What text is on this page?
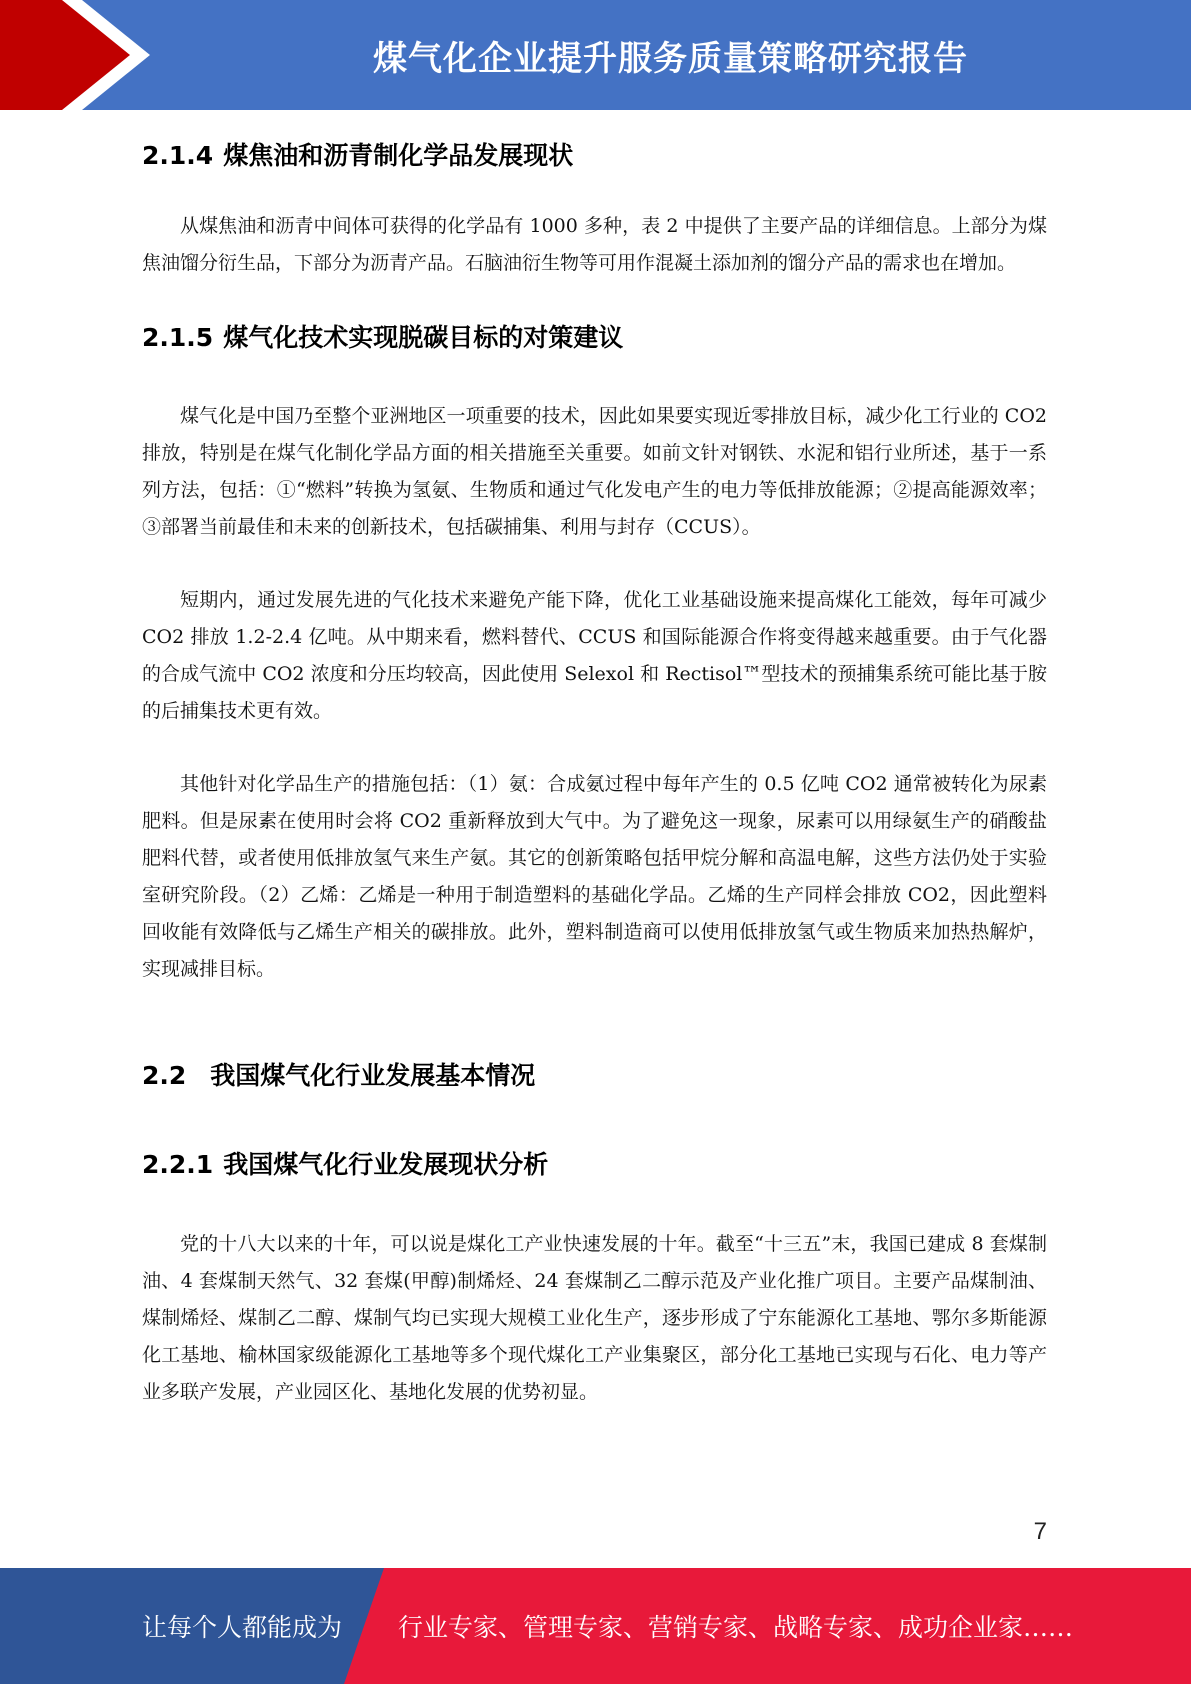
煤气化企业提升服务质量策略研究报告
2.1.4 煤焦油和沥青制化学品发展现状

从煤焦油和沥青中间体可获得的化学品有 1000 多种，表 2 中提供了主要产品的详细信息。上部分为煤焦油馏分衍生品，下部分为沥青产品。石脑油衍生物等可用作混凝土添加剂的馏分产品的需求也在增加。

2.1.5 煤气化技术实现脱碳目标的对策建议

煤气化是中国乃至整个亚洲地区一项重要的技术，因此如果要实现近零排放目标，减少化工行业的 CO2 排放，特别是在煤气化制化学品方面的相关措施至关重要。如前文针对钢铁、水泥和铝行业所述，基于一系列方法，包括：①“燃料”转换为氢氨、生物质和通过气化发电产生的电力等低排放能源；②提高能源效率；③部署当前最佳和未来的创新技术，包括碳捕集、利用与封存（CCUS）。

短期内，通过发展先进的气化技术来避免产能下降，优化工业基础设施来提高煤化工能效，每年可减少 CO2 排放 1.2-2.4 亿吨。从中期来看，燃料替代、CCUS 和国际能源合作将变得越来越重要。由于气化器的合成气流中 CO2 浓度和分压均较高，因此使用 Selexol 和 Rectisol™型技术的预捕集系统可能比基于胺的后捕集技术更有效。

其他针对化学品生产的措施包括：（1）氨：合成氨过程中每年产生的 0.5 亿吨 CO2 通常被转化为尿素肥料。但是尿素在使用时会将 CO2 重新释放到大气中。为了避免这一现象，尿素可以用绿氨生产的硝酸盐肥料代替，或者使用低排放氢气来生产氨。其它的创新策略包括甲烷分解和高温电解，这些方法仍处于实验室研究阶段。（2）乙烯：乙烯是一种用于制造塑料的基础化学品。乙烯的生产同样会排放 CO2，因此塑料回收能有效降低与乙烯生产相关的碳排放。此外，塑料制造商可以使用低排放氢气或生物质来加热热解炉，实现减排目标。

2.2 我国煤气化行业发展基本情况
2.2.1 我国煤气化行业发展现状分析

党的十八大以来的十年，可以说是煤化工产业快速发展的十年。截至“十三五”末，我国已建成 8 套煤制油、4 套煤制天然气、32 套煤(甲醇)制烯烃、24 套煤制乙二醇示范及产业化推广项目。主要产品煤制油、煤制烯烃、煤制乙二醇、煤制气均已实现大规模工业化生产，逐步形成了宁东能源化工基地、鄂尔多斯能源化工基地、榆林国家级能源化工基地等多个现代煤化工产业集聚区，部分化工基地已实现与石化、电力等产业多联产发展，产业园区化、基地化发展的优势初显。

7
让每个人都能成为 行业专家、管理专家、营销专家、战略专家、成功企业家……
